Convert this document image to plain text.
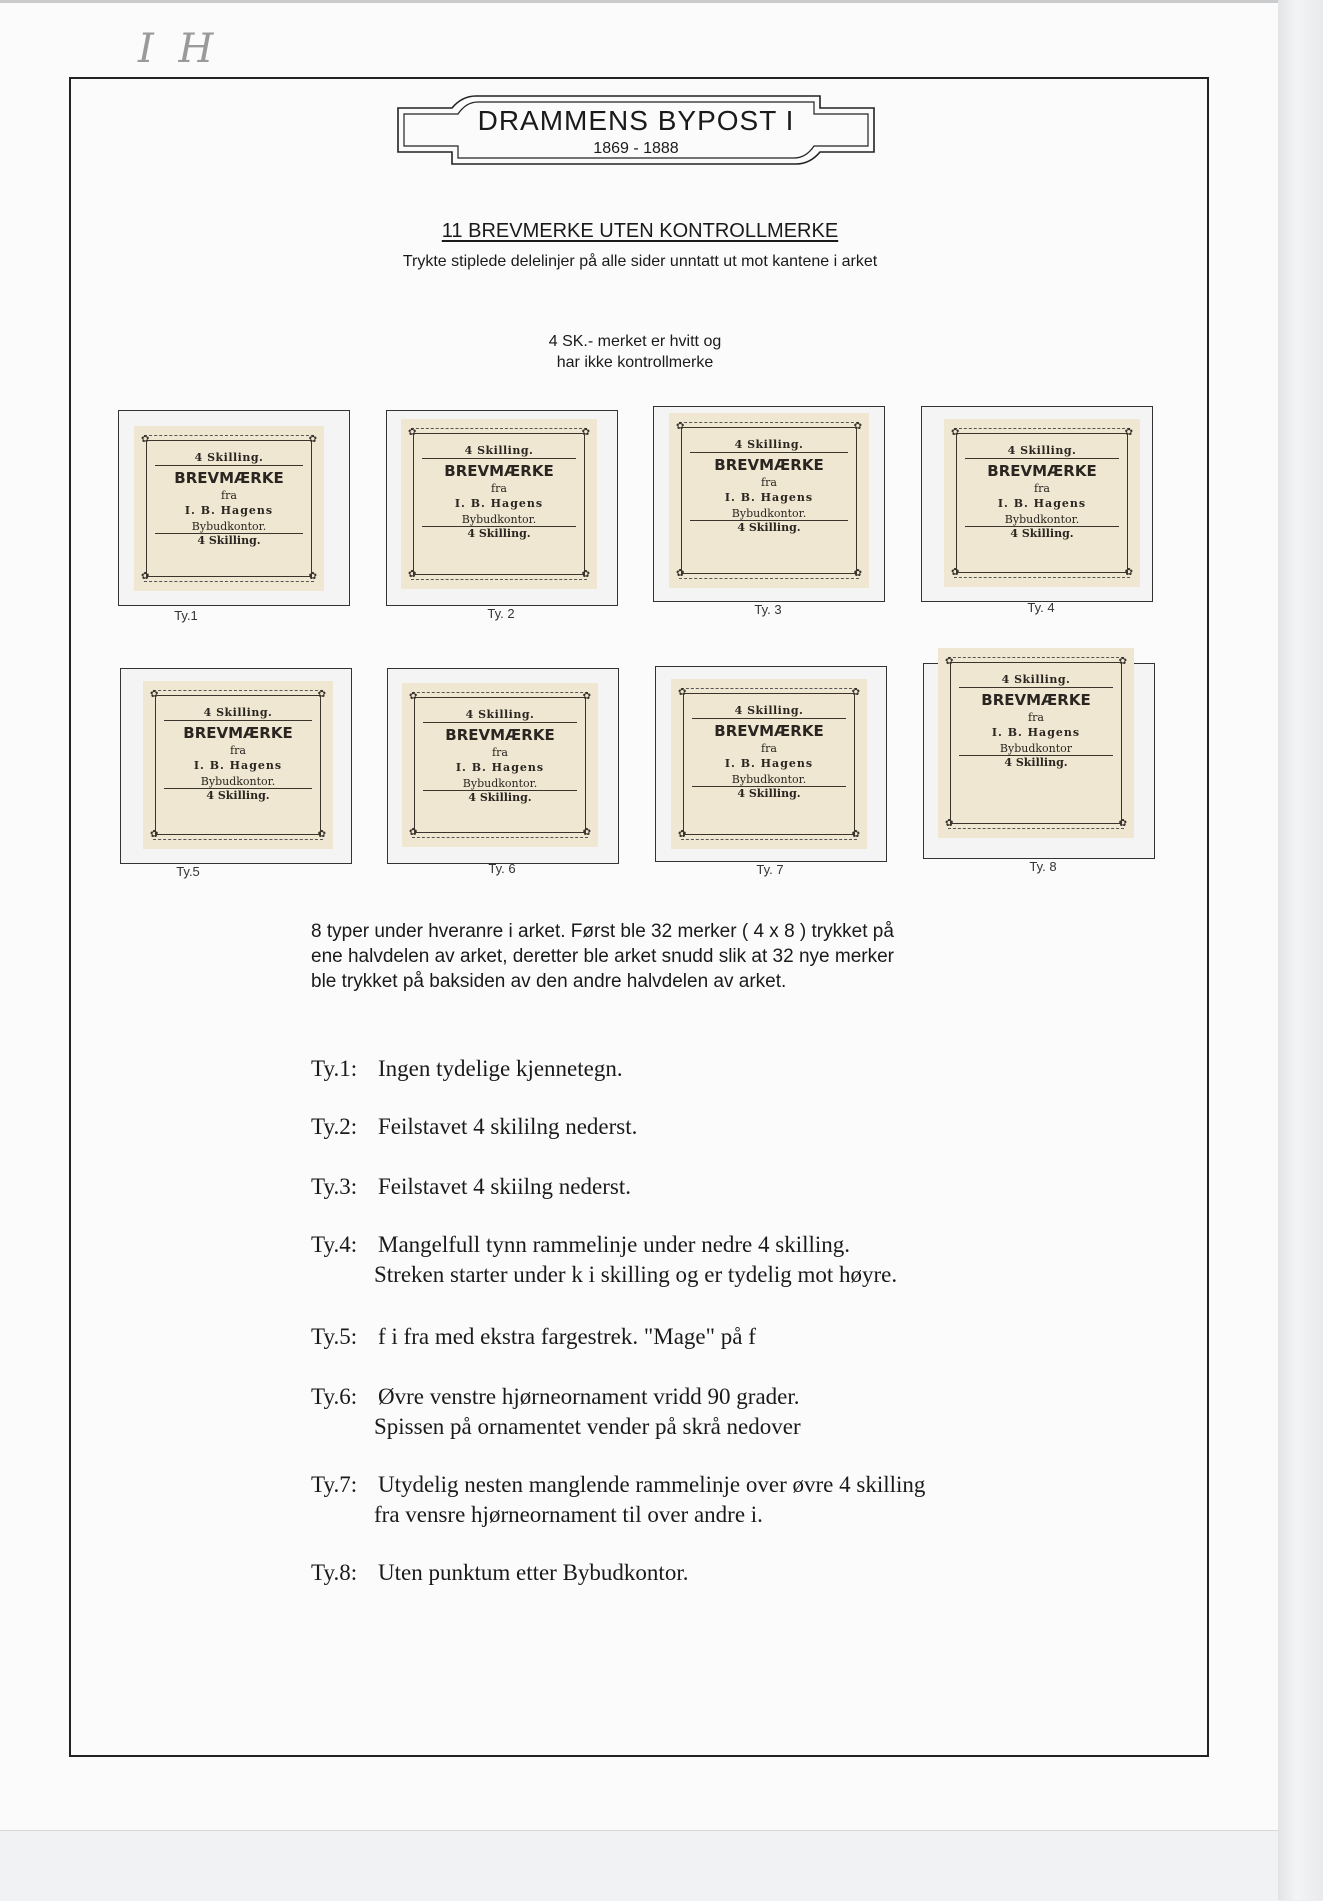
I H
DRAMMENS BYPOST I
1869 - 1888
11 BREVMERKE UTEN KONTROLLMERKE
Trykte stiplede delelinjer på alle sider unntatt ut mot kantene i arket
4 SK.- merket er hvitt og
har ikke kontrollmerke
✿	✿
✿	✿
4 Skilling.
BREVMÆRKE
fra
I. B. Hagens
Bybudkontor.
4 Skilling.
Ty.1
✿	✿
✿	✿
4 Skilling.
BREVMÆRKE
fra
I. B. Hagens
Bybudkontor.
4 Skilling.
Ty. 2
✿	✿
✿	✿
4 Skilling.
BREVMÆRKE
fra
I. B. Hagens
Bybudkontor.
4 Skilling.
Ty. 3
✿	✿
✿	✿
4 Skilling.
BREVMÆRKE
fra
I. B. Hagens
Bybudkontor.
4 Skilling.
Ty. 4
✿	✿
✿	✿
4 Skilling.
BREVMÆRKE
fra
I. B. Hagens
Bybudkontor.
4 Skilling.
Ty.5
✿	✿
✿	✿
4 Skilling.
BREVMÆRKE
fra
I. B. Hagens
Bybudkontor.
4 Skilling.
Ty. 6
✿	✿
✿	✿
4 Skilling.
BREVMÆRKE
fra
I. B. Hagens
Bybudkontor.
4 Skilling.
Ty. 7
✿	✿
✿	✿
4 Skilling.
BREVMÆRKE
fra
I. B. Hagens
Bybudkontor
4 Skilling.
Ty. 8
8 typer under hveranre i arket. Først ble 32 merker ( 4 x 8 ) trykket på
ene halvdelen av arket, deretter ble arket snudd slik at 32 nye merker
ble trykket på baksiden av den andre halvdelen av arket.
Ty.1: Ingen tydelige kjennetegn.
Ty.2: Feilstavet 4 skililng nederst.
Ty.3: Feilstavet 4 skiilng nederst.
Ty.4: Mangelfull tynn rammelinje under nedre 4 skilling.
Streken starter under k i skilling og er tydelig mot høyre.
Ty.5: f i fra med ekstra fargestrek. "Mage" på f
Ty.6: Øvre venstre hjørneornament vridd 90 grader.
Spissen på ornamentet vender på skrå nedover
Ty.7: Utydelig nesten manglende rammelinje over øvre 4 skilling
fra vensre hjørneornament til over andre i.
Ty.8: Uten punktum etter Bybudkontor.
